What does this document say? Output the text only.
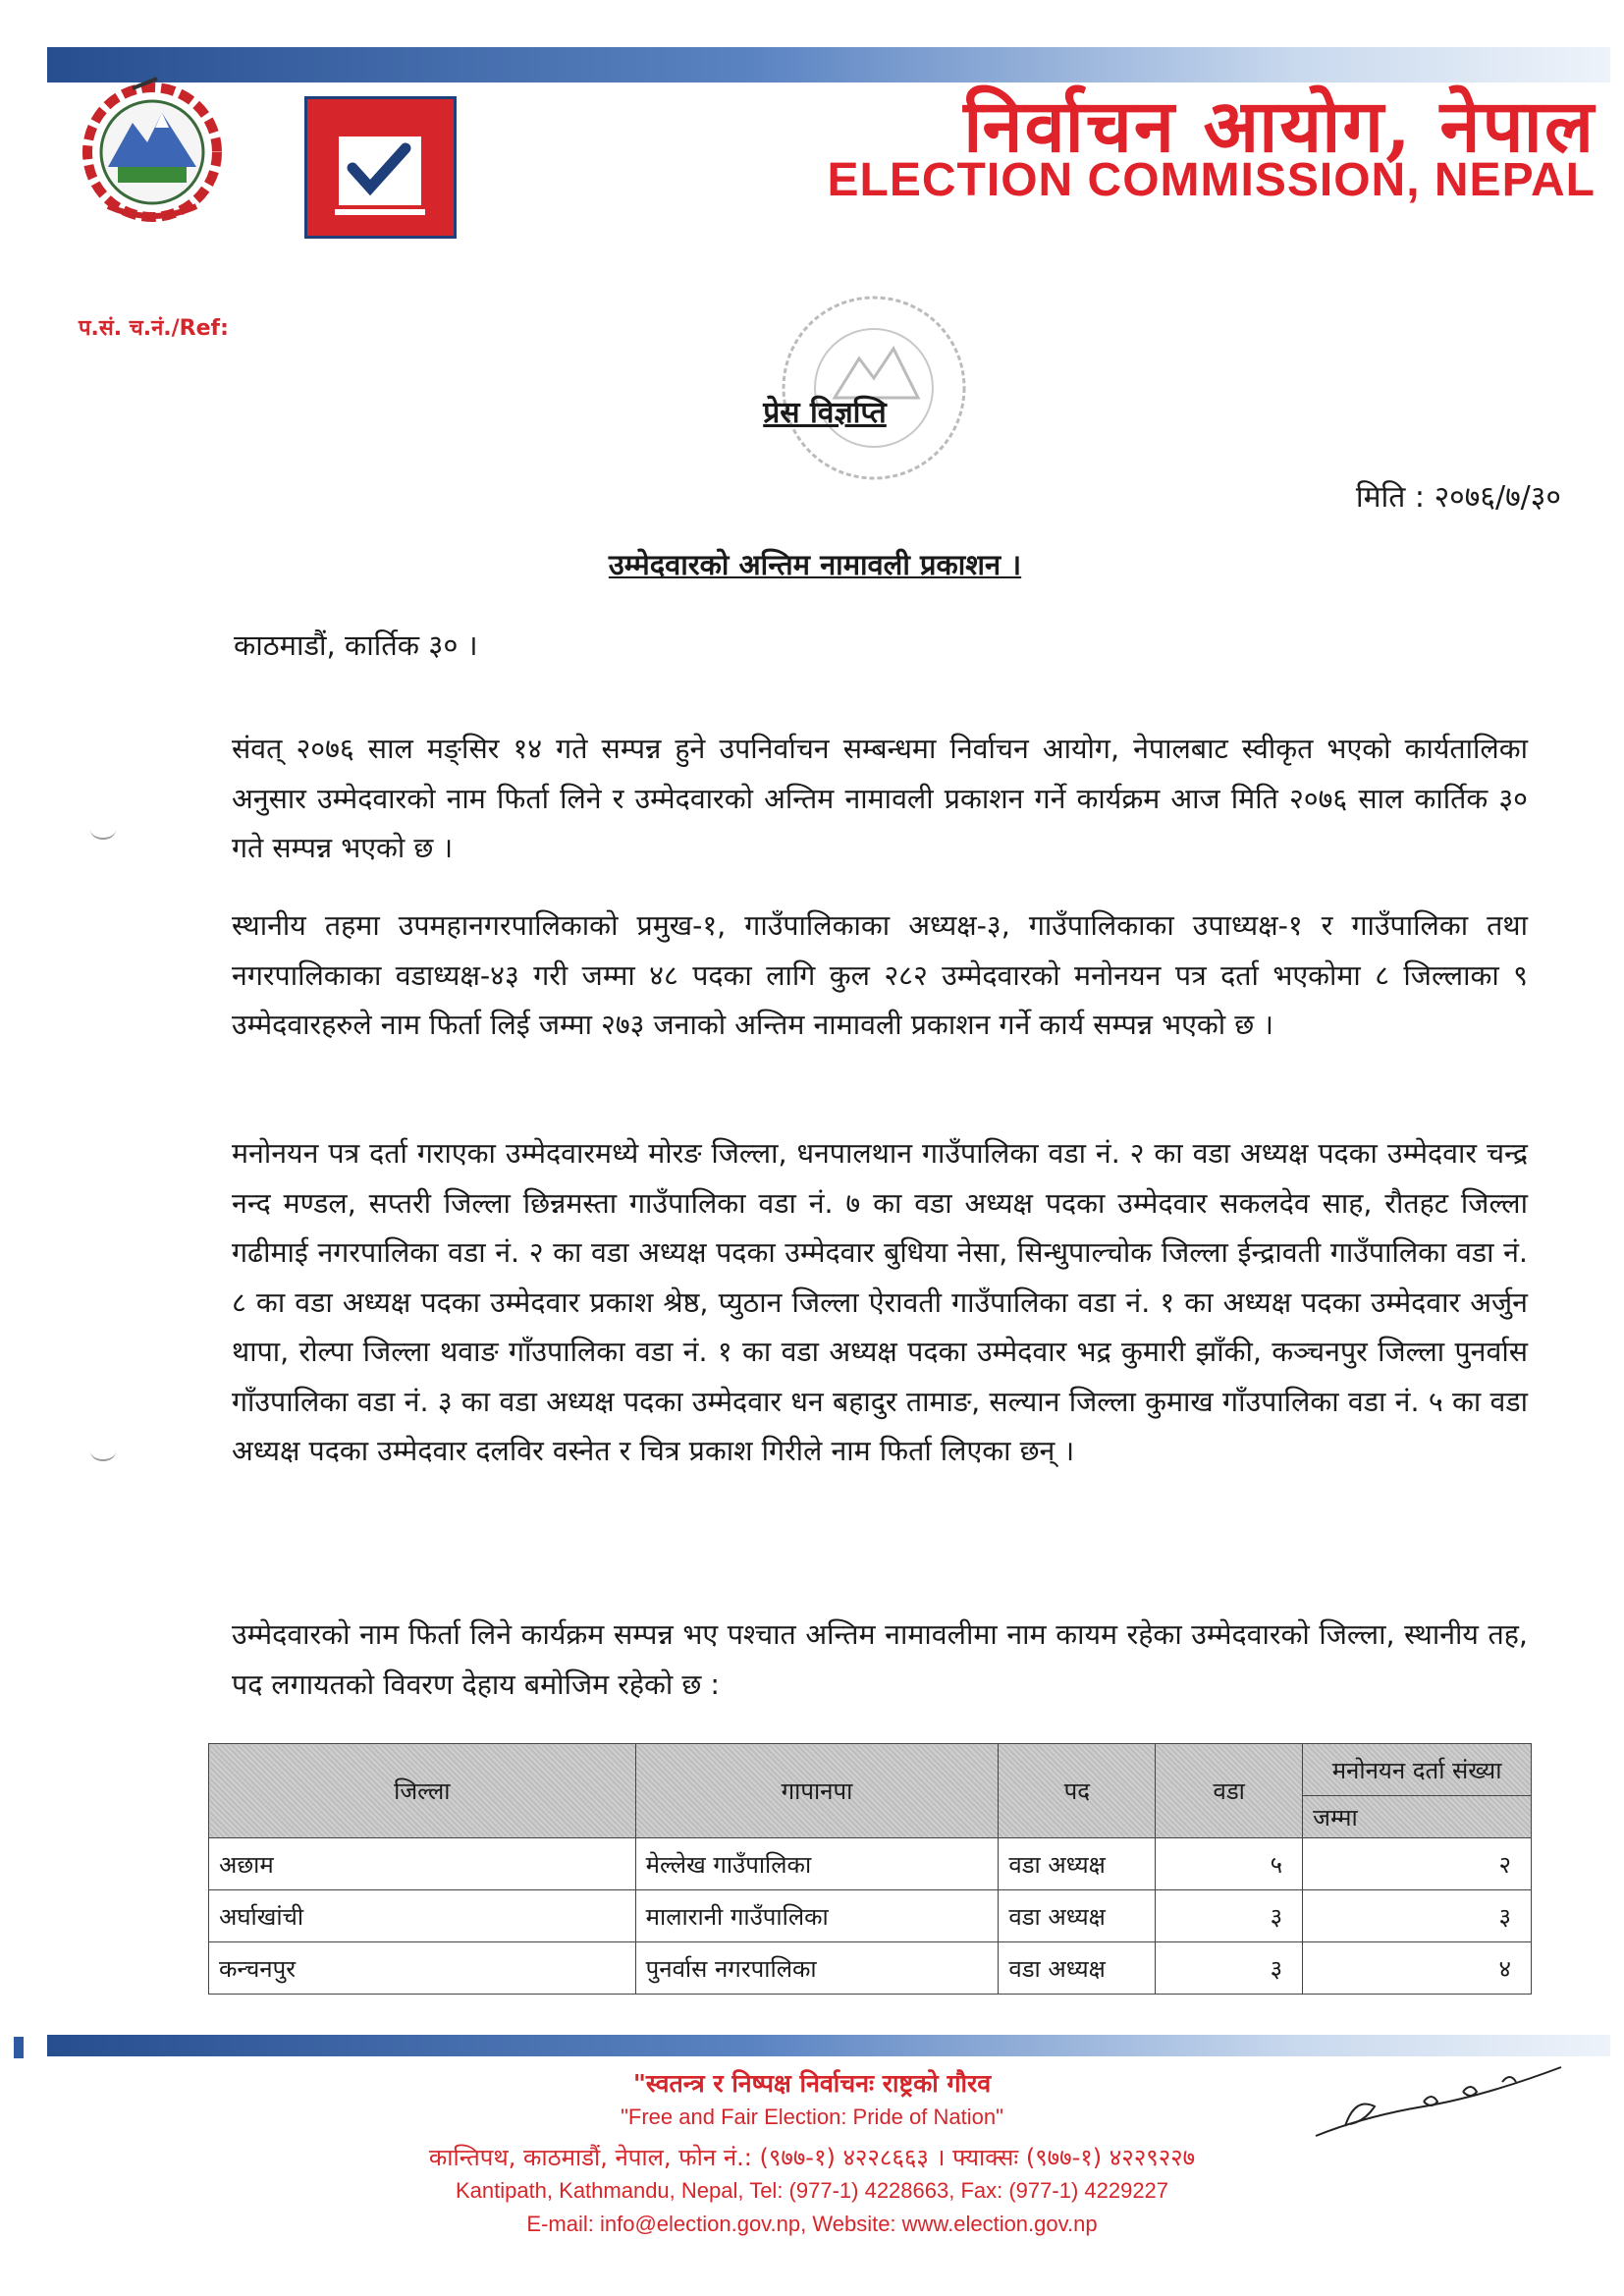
निर्वाचन आयोग, नेपाल
ELECTION COMMISSION, NEPAL
प.सं. च.नं./Ref:
प्रेस विज्ञप्ति
मिति : २०७६/७/३०
उम्मेदवारको अन्तिम नामावली प्रकाशन ।
काठमाडौं, कार्तिक ३० ।
संवत् २०७६ साल मङ्सिर १४ गते सम्पन्न हुने उपनिर्वाचन सम्बन्धमा निर्वाचन आयोग, नेपालबाट स्वीकृत भएको कार्यतालिका अनुसार उम्मेदवारको नाम फिर्ता लिने र उम्मेदवारको अन्तिम नामावली प्रकाशन गर्ने कार्यक्रम आज मिति २०७६ साल कार्तिक ३० गते सम्पन्न भएको छ ।
स्थानीय तहमा उपमहानगरपालिकाको प्रमुख-१, गाउँपालिकाका अध्यक्ष-३, गाउँपालिकाका उपाध्यक्ष-१ र गाउँपालिका तथा नगरपालिकाका वडाध्यक्ष-४३ गरी जम्मा ४८ पदका लागि कुल २८२ उम्मेदवारको मनोनयन पत्र दर्ता भएकोमा ८ जिल्लाका ९ उम्मेदवारहरुले नाम फिर्ता लिई जम्मा २७३ जनाको अन्तिम नामावली प्रकाशन गर्ने कार्य सम्पन्न भएको छ ।
मनोनयन पत्र दर्ता गराएका उम्मेदवारमध्ये मोरङ जिल्ला, धनपालथान गाउँपालिका वडा नं. २ का वडा अध्यक्ष पदका उम्मेदवार चन्द्र नन्द मण्डल, सप्तरी जिल्ला छिन्नमस्ता गाउँपालिका वडा नं. ७ का वडा अध्यक्ष पदका उम्मेदवार सकलदेव साह, रौतहट जिल्ला गढीमाई नगरपालिका वडा नं. २ का वडा अध्यक्ष पदका उम्मेदवार बुधिया नेसा, सिन्धुपाल्चोक जिल्ला ईन्द्रावती गाउँपालिका वडा नं. ८ का वडा अध्यक्ष पदका उम्मेदवार प्रकाश श्रेष्ठ, प्युठान जिल्ला ऐरावती गाउँपालिका वडा नं. १ का अध्यक्ष पदका उम्मेदवार अर्जुन थापा, रोल्पा जिल्ला थवाङ गाँउपालिका वडा नं. १ का वडा अध्यक्ष पदका उम्मेदवार भद्र कुमारी झाँकी, कञ्चनपुर जिल्ला पुनर्वास गाँउपालिका वडा नं. ३ का वडा अध्यक्ष पदका उम्मेदवार धन बहादुर तामाङ, सल्यान जिल्ला कुमाख गाँउपालिका वडा नं. ५ का वडा अध्यक्ष पदका उम्मेदवार दलविर वस्नेत र चित्र प्रकाश गिरीले नाम फिर्ता लिएका छन् ।
उम्मेदवारको नाम फिर्ता लिने कार्यक्रम सम्पन्न भए पश्चात अन्तिम नामावलीमा नाम कायम रहेका उम्मेदवारको जिल्ला, स्थानीय तह, पद लगायतको विवरण देहाय बमोजिम रहेको छ :
जिल्ला	गापानपा	पद	वडा	मनोनयन दर्ता संख्या
				जम्मा
अछाम	मेल्लेख गाउँपालिका	वडा अध्यक्ष	५	२
अर्घाखांची	मालारानी गाउँपालिका	वडा अध्यक्ष	३	३
कन्चनपुर	पुनर्वास नगरपालिका	वडा अध्यक्ष	३	४
"स्वतन्त्र र निष्पक्ष निर्वाचनः राष्ट्रको गौरव
"Free and Fair Election: Pride of Nation"
कान्तिपथ, काठमाडौं, नेपाल, फोन नं.: (९७७-१) ४२२८६६३ । फ्याक्सः (९७७-१) ४२२९२२७
Kantipath, Kathmandu, Nepal, Tel: (977-1) 4228663, Fax: (977-1) 4229227
E-mail: info@election.gov.np, Website: www.election.gov.np
